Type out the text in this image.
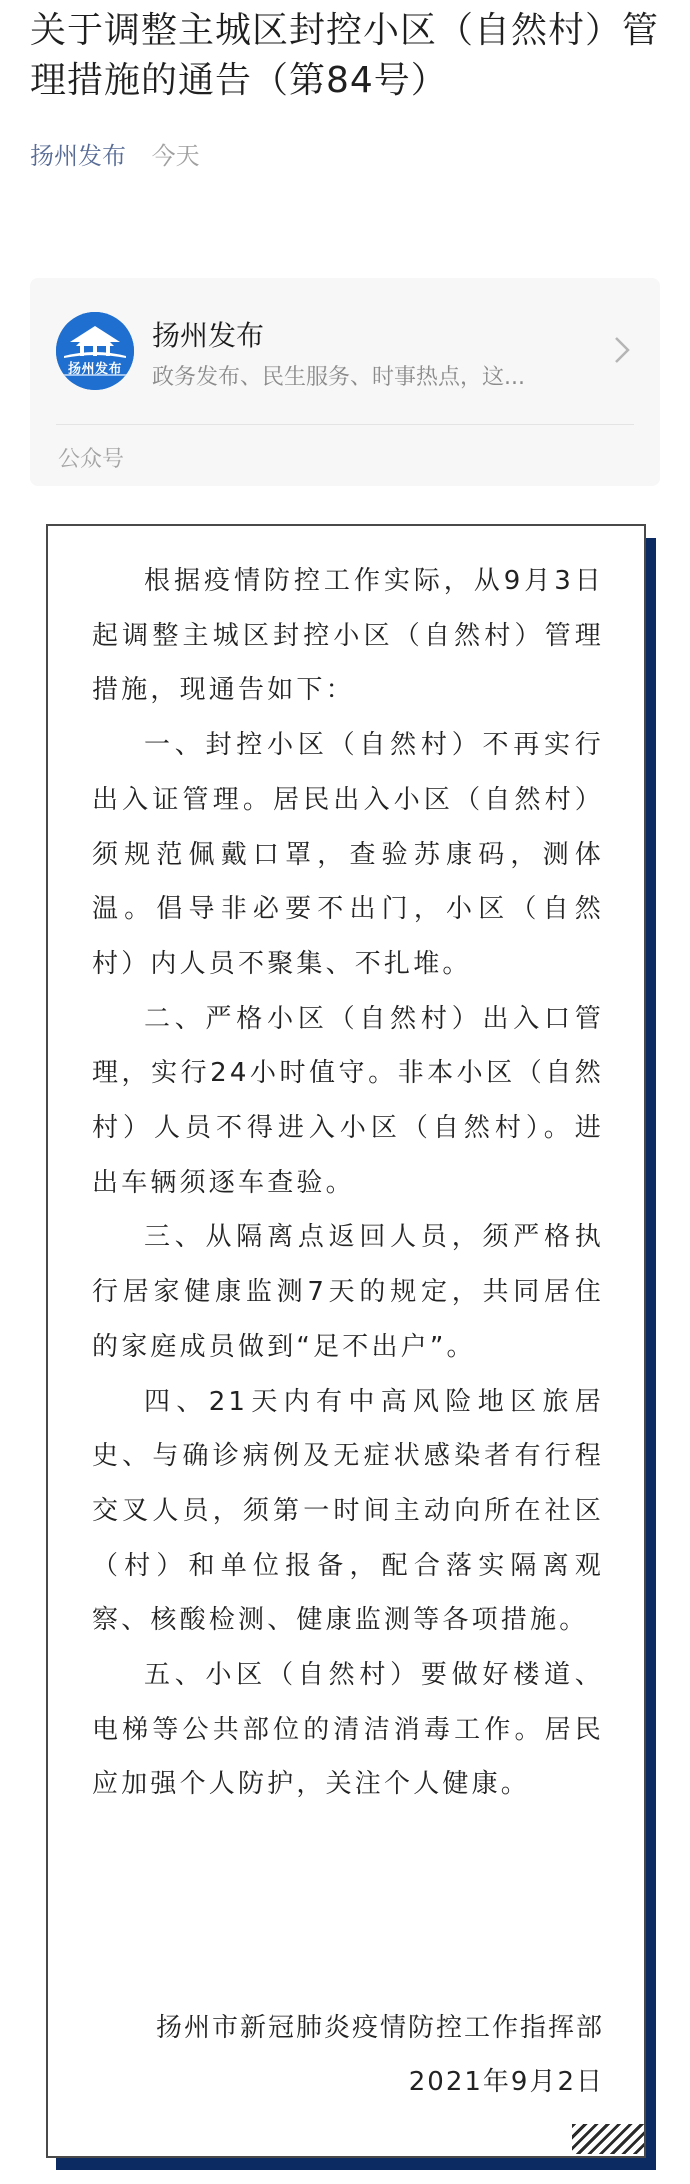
关于调整主城区封控小区（自然村）管理措施的通告（第84号）
扬州发布 今天
扬州发布
扬州发布
政务发布、民生服务、时事热点，这...
公众号

根据疫情防控工作实际，从9月3日起调整主城区封控小区（自然村）管理措施，现通告如下：

一、封控小区（自然村）不再实行出入证管理。居民出入小区（自然村）须规范佩戴口罩，查验苏康码，测体温。倡导非必要不出门，小区（自然村）内人员不聚集、不扎堆。

二、严格小区（自然村）出入口管理，实行24小时值守。非本小区（自然村）人员不得进入小区（自然村）。进出车辆须逐车查验。

三、从隔离点返回人员，须严格执行居家健康监测7天的规定，共同居住的家庭成员做到“足不出户”。

四、21天内有中高风险地区旅居史、与确诊病例及无症状感染者有行程交叉人员，须第一时间主动向所在社区（村）和单位报备，配合落实隔离观察、核酸检测、健康监测等各项措施。

五、小区（自然村）要做好楼道、电梯等公共部位的清洁消毒工作。居民应加强个人防护，关注个人健康。

扬州市新冠肺炎疫情防控工作指挥部
2021年9月2日
